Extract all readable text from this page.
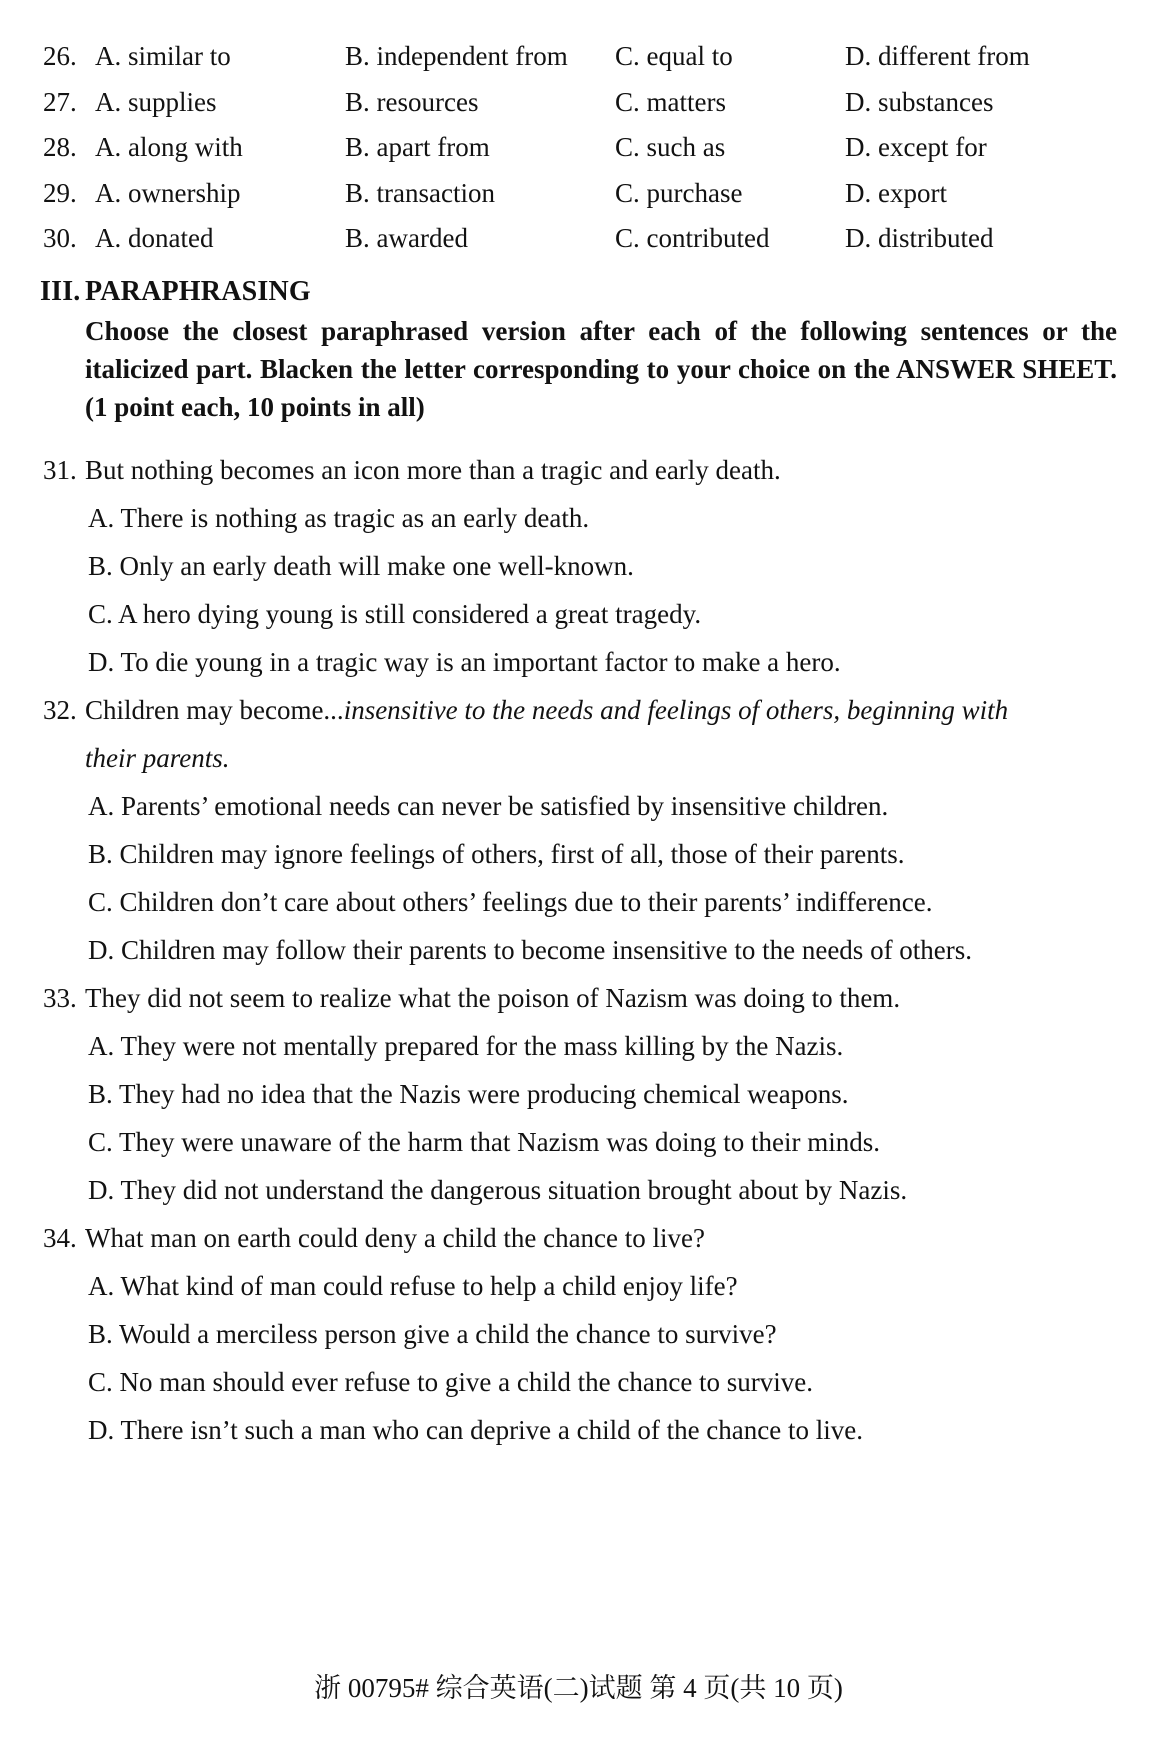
26. A. similar to	B. independent from C. equal to	D. different from
27. A. supplies	B. resources	C. matters	D. substances
28. A. along with	B. apart from	C. such as	D. except for
29. A. ownership	B. transaction	C. purchase	D. export
30. A. donated	B. awarded	C. contributed	D. distributed
III. PARAPHRASING

Choose the closest paraphrased version after each of the following sentences or the italicized part. Blacken the letter corresponding to your choice on the ANSWER SHEET. (1 point each, 10 points in all)

31. But nothing becomes an icon more than a tragic and early death.
A. There is nothing as tragic as an early death.
B. Only an early death will make one well-known.
C. A hero dying young is still considered a great tragedy.
D. To die young in a tragic way is an important factor to make a hero.
32. Children may become...insensitive to the needs and feelings of others, beginning with
their parents.
A. Parents’ emotional needs can never be satisfied by insensitive children.
B. Children may ignore feelings of others, first of all, those of their parents.
C. Children don’t care about others’ feelings due to their parents’ indifference.
D. Children may follow their parents to become insensitive to the needs of others.
33. They did not seem to realize what the poison of Nazism was doing to them.
A. They were not mentally prepared for the mass killing by the Nazis.
B. They had no idea that the Nazis were producing chemical weapons.
C. They were unaware of the harm that Nazism was doing to their minds.
D. They did not understand the dangerous situation brought about by Nazis.
34. What man on earth could deny a child the chance to live?
A. What kind of man could refuse to help a child enjoy life?
B. Would a merciless person give a child the chance to survive?
C. No man should ever refuse to give a child the chance to survive.
D. There isn’t such a man who can deprive a child of the chance to live.
浙 00795# 综合英语(二)试题 第 4 页(共 10 页)
